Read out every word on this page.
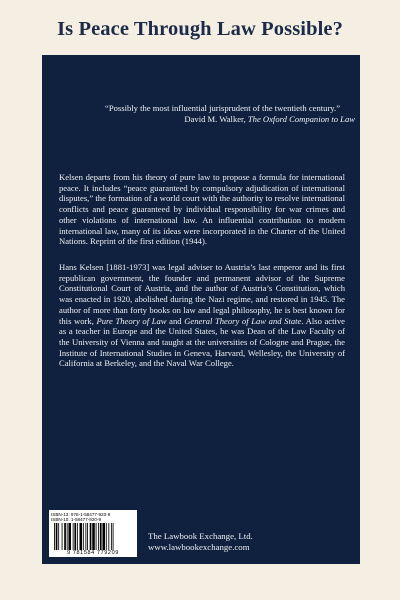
Is Peace Through Law Possible?
“Possibly the most influential jurisprudent of the twentieth century.”
David M. Walker, The Oxford Companion to Law
Kelsen departs from his theory of pure law to propose a formula for international peace. It includes “peace guaranteed by compulsory adjudication of international disputes,” the formation of a world court with the authority to resolve international conflicts and peace guaranteed by individual responsibility for war crimes and other violations of international law. An influential contribution to modern international law, many of its ideas were incorporated in the Charter of the United Nations. Reprint of the first edition (1944).
Hans Kelsen [1881-1973] was legal adviser to Austria’s last emperor and its first republican government, the founder and permanent advisor of the Supreme Constitutional Court of Austria, and the author of Austria’s Constitution, which was enacted in 1920, abolished during the Nazi regime, and restored in 1945. The author of more than forty books on law and legal philosophy, he is best known for this work, Pure Theory of Law and General Theory of Law and State. Also active as a teacher in Europe and the United States, he was Dean of the Law Faculty of the University of Vienna and taught at the universities of Cologne and Prague, the Institute of International Studies in Geneva, Harvard, Wellesley, the University of California at Berkeley, and the Naval War College.
ISBN-13: 978-1-58477-920-9
ISBN-10: 1-58477-920-9
9 781584 779209
The Lawbook Exchange, Ltd.
www.lawbookexchange.com
